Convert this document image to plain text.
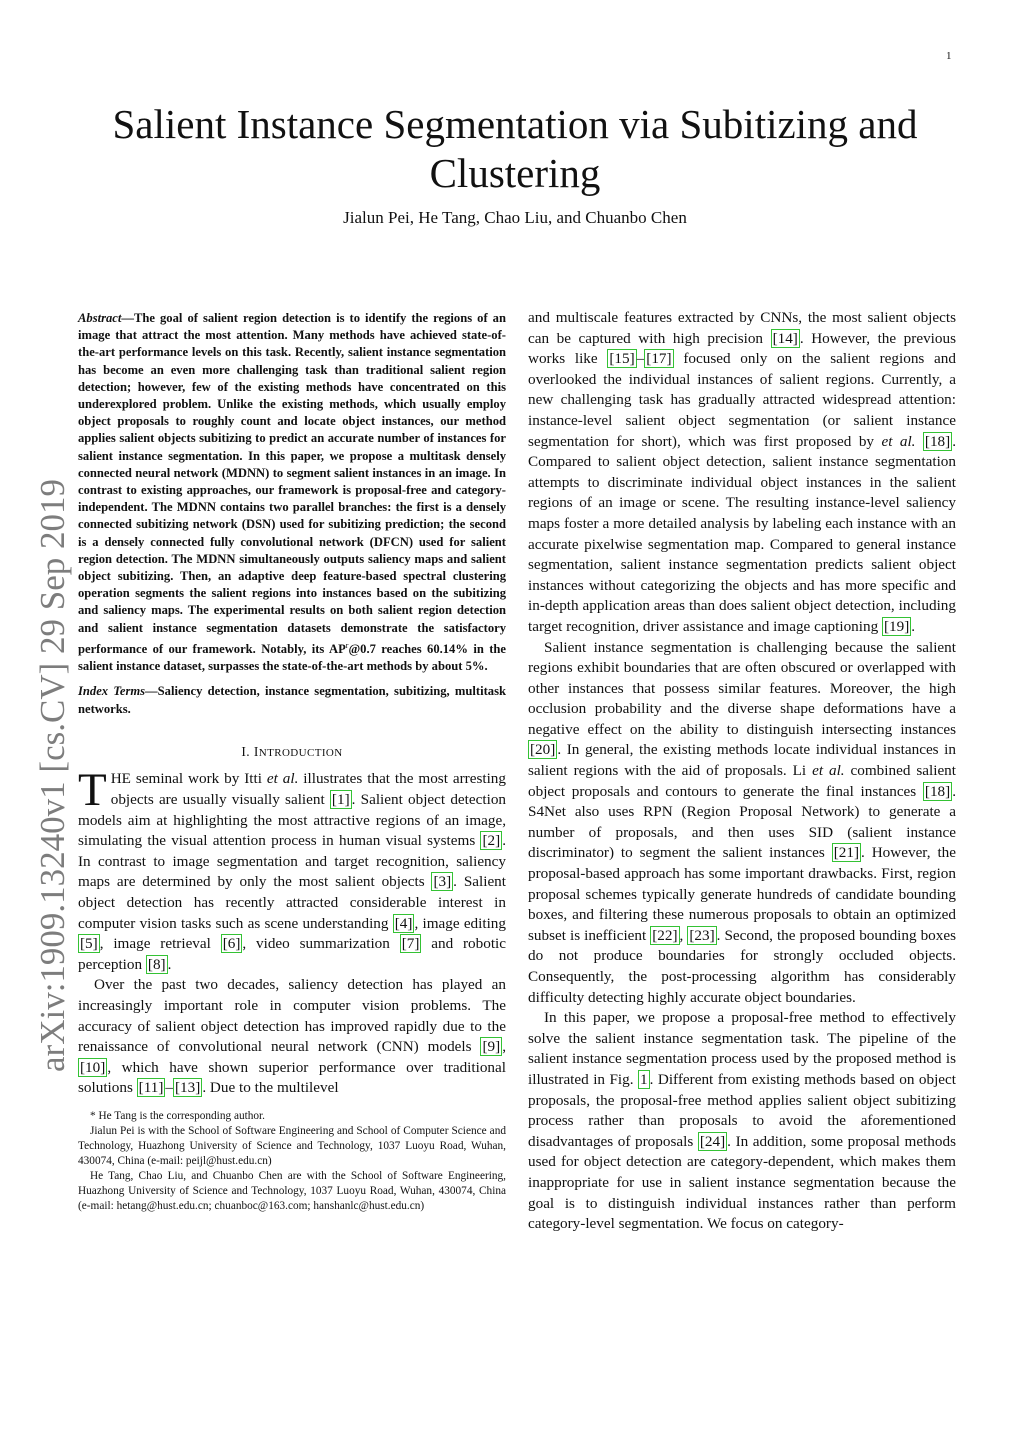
1
arXiv:1909.13240v1 [cs.CV] 29 Sep 2019
Salient Instance Segmentation via Subitizing and Clustering
Jialun Pei, He Tang, Chao Liu, and Chuanbo Chen

Abstract—The goal of salient region detection is to identify the regions of an image that attract the most attention. Many methods have achieved state-of-the-art performance levels on this task. Recently, salient instance segmentation has become an even more challenging task than traditional salient region detection; however, few of the existing methods have concentrated on this underexplored problem. Unlike the existing methods, which usually employ object proposals to roughly count and locate object instances, our method applies salient objects subitizing to predict an accurate number of instances for salient instance segmentation. In this paper, we propose a multitask densely connected neural network (MDNN) to segment salient instances in an image. In contrast to existing approaches, our framework is proposal-free and category-independent. The MDNN contains two parallel branches: the first is a densely connected subitizing network (DSN) used for subitizing prediction; the second is a densely connected fully convolutional network (DFCN) used for salient region detection. The MDNN simultaneously outputs saliency maps and salient object subitizing. Then, an adaptive deep feature-based spectral clustering operation segments the salient regions into instances based on the subitizing and saliency maps. The experimental results on both salient region detection and salient instance segmentation datasets demonstrate the satisfactory performance of our framework. Notably, its $AP^r@0.7$ reaches 60.14% in the salient instance dataset, surpasses the state-of-the-art methods by about 5%.

Index Terms—Saliency detection, instance segmentation, subitizing, multitask networks.

I. INTRODUCTION

THE seminal work by Itti et al. illustrates that the most arresting objects are usually visually salient [1] . Salient object detection models aim at highlighting the most attractive regions of an image, simulating the visual attention process in human visual systems [2] . In contrast to image segmentation and target recognition, saliency maps are determined by only the most salient objects [3] . Salient object detection has recently attracted considerable interest in computer vision tasks such as scene understanding [4] , image editing [5] , image retrieval [6] , video summarization [7] and robotic perception [8] .

Over the past two decades, saliency detection has played an increasingly important role in computer vision problems. The accuracy of salient object detection has improved rapidly due to the renaissance of convolutional neural network (CNN) models [9] , [10] , which have shown superior performance over traditional solutions [11] – [13] . Due to the multilevel

* He Tang is the corresponding author.

Jialun Pei is with the School of Software Engineering and School of Computer Science and Technology, Huazhong University of Science and Technology, 1037 Luoyu Road, Wuhan, 430074, China (e-mail: peijl@hust.edu.cn)

He Tang, Chao Liu, and Chuanbo Chen are with the School of Software Engineering, Huazhong University of Science and Technology, 1037 Luoyu Road, Wuhan, 430074, China (e-mail: hetang@hust.edu.cn; chuanboc@163.com; hanshanlc@hust.edu.cn)

and multiscale features extracted by CNNs, the most salient objects can be captured with high precision [14] . However, the previous works like [15] – [17] focused only on the salient regions and overlooked the individual instances of salient regions. Currently, a new challenging task has gradually attracted widespread attention: instance-level salient object segmentation (or salient instance segmentation for short), which was first proposed by et al. [18] . Compared to salient object detection, salient instance segmentation attempts to discriminate individual object instances in the salient regions of an image or scene. The resulting instance-level saliency maps foster a more detailed analysis by labeling each instance with an accurate pixelwise segmentation map. Compared to general instance segmentation, salient instance segmentation predicts salient object instances without categorizing the objects and has more specific and in-depth application areas than does salient object detection, including target recognition, driver assistance and image captioning [19] .

Salient instance segmentation is challenging because the salient regions exhibit boundaries that are often obscured or overlapped with other instances that possess similar features. Moreover, the high occlusion probability and the diverse shape deformations have a negative effect on the ability to distinguish intersecting instances [20] . In general, the existing methods locate individual instances in salient regions with the aid of proposals. Li et al. combined salient object proposals and contours to generate the final instances [18] . S4Net also uses RPN (Region Proposal Network) to generate a number of proposals, and then uses SID (salient instance discriminator) to segment the salient instances [21] . However, the proposal-based approach has some important drawbacks. First, region proposal schemes typically generate hundreds of candidate bounding boxes, and filtering these numerous proposals to obtain an optimized subset is inefficient [22] , [23] . Second, the proposed bounding boxes do not produce boundaries for strongly occluded objects. Consequently, the post-processing algorithm has considerably difficulty detecting highly accurate object boundaries.

In this paper, we propose a proposal-free method to effectively solve the salient instance segmentation task. The pipeline of the salient instance segmentation process used by the proposed method is illustrated in Fig. 1 . Different from existing methods based on object proposals, the proposal-free method applies salient object subitizing process rather than proposals to avoid the aforementioned disadvantages of proposals [24] . In addition, some proposal methods used for object detection are category-dependent, which makes them inappropriate for use in salient instance segmentation because the goal is to distinguish individual instances rather than perform category-level segmentation. We focus on category-
